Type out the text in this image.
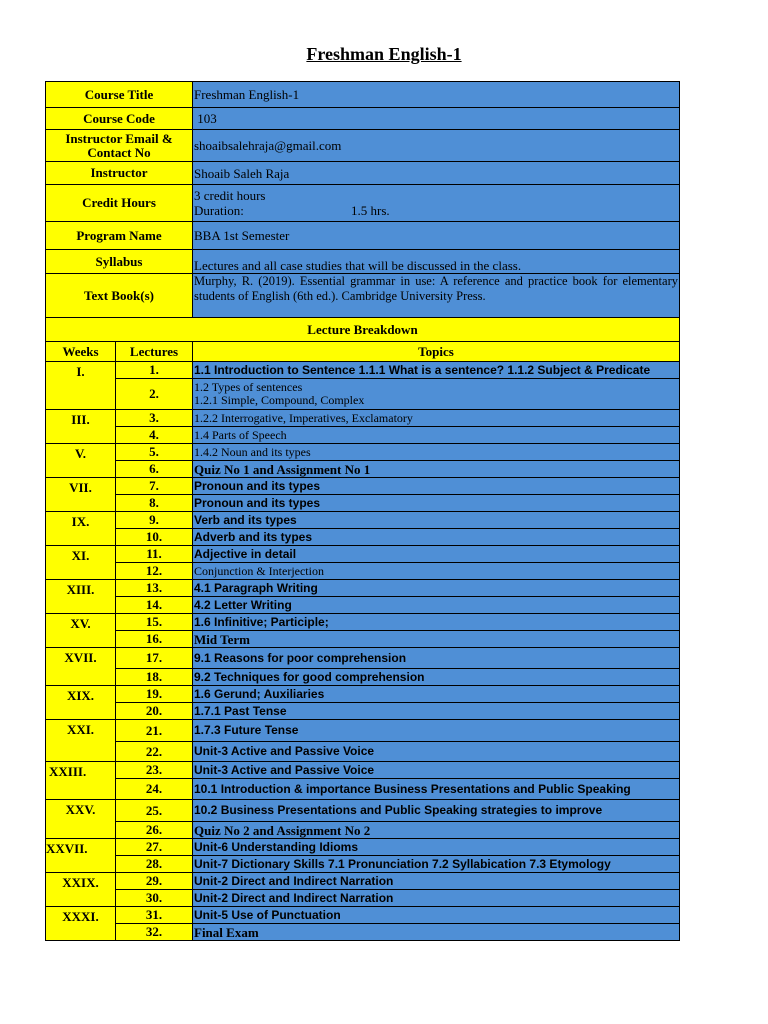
Freshman English-1
Course Title		Freshman English-1
Course Code		103
Instructor Email & Contact No		shoaibsalehraja@gmail.com
Instructor		Shoaib Saleh Raja
Credit Hours		3 credit hours
Duration: 1.5 hrs.

Program Name		BBA 1st Semester
Syllabus		Lectures and all case studies that will be discussed in the class.
Text Book(s)		Murphy, R. (2019). Essential grammar in use: A reference and practice book for elementary students of English (6th ed.). Cambridge University Press.
Lecture Breakdown		
Weeks	Lectures	Topics
I.	1.	1.1 Introduction to Sentence 1.1.1 What is a sentence? 1.1.2 Subject & Predicate
	2.	1.2 Types of sentences
1.2.1 Simple, Compound, Complex

III.	3.	1.2.2 Interrogative, Imperatives, Exclamatory
	4.	1.4 Parts of Speech
V.	5.	1.4.2 Noun and its types
	6.	Quiz No 1 and Assignment No 1
VII.	7.	Pronoun and its types
	8.	Pronoun and its types
IX.	9.	Verb and its types
	10.	Adverb and its types
XI.	11.	Adjective in detail
	12.	Conjunction & Interjection
XIII.	13.	4.1 Paragraph Writing
	14.	4.2 Letter Writing
XV.	15.	1.6 Infinitive; Participle;
	16.	Mid Term
XVII.	17.	9.1 Reasons for poor comprehension
	18.	9.2 Techniques for good comprehension
XIX.	19.	1.6 Gerund; Auxiliaries
	20.	1.7.1 Past Tense
XXI.	21.	1.7.3 Future Tense
	22.	Unit-3 Active and Passive Voice
XXIII.	23.	Unit-3 Active and Passive Voice
	24.	10.1 Introduction & importance Business Presentations and Public Speaking
XXV.	25.	10.2 Business Presentations and Public Speaking strategies to improve
	26.	Quiz No 2 and Assignment No 2
XXVII.	27.	Unit-6 Understanding Idioms
	28.	Unit-7 Dictionary Skills 7.1 Pronunciation 7.2 Syllabication 7.3 Etymology
XXIX.	29.	Unit-2 Direct and Indirect Narration
	30.	Unit-2 Direct and Indirect Narration
XXXI.	31.	Unit-5 Use of Punctuation
	32.	Final Exam
